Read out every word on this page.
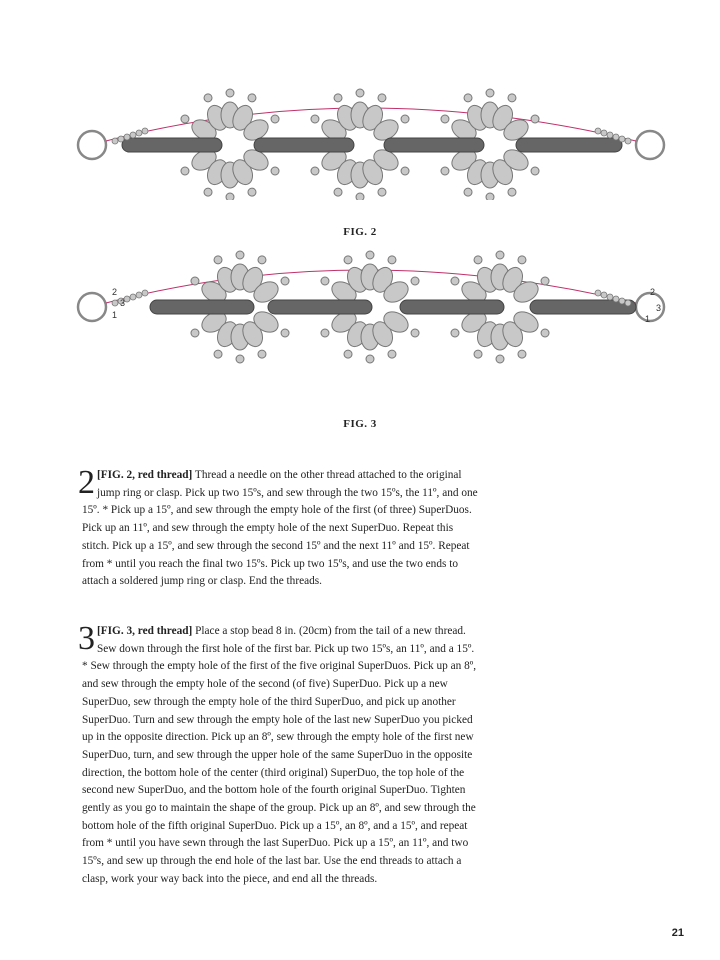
FIG. 2
2
3
1
2
3
1
FIG. 3
2 [FIG. 2, red thread] Thread a needle on the other thread attached to the original jump ring or clasp. Pick up two 15ºs, and sew through the two 15ºs, the 11º, and one 15º. * Pick up a 15º, and sew through the empty hole of the first (of three) SuperDuos. Pick up an 11º, and sew through the empty hole of the next SuperDuo. Repeat this stitch. Pick up a 15º, and sew through the second 15º and the next 11º and 15º. Repeat from * until you reach the final two 15ºs. Pick up two 15ºs, and use the two ends to attach a soldered jump ring or clasp. End the threads.
3 [FIG. 3, red thread] Place a stop bead 8 in. (20cm) from the tail of a new thread. Sew down through the first hole of the first bar. Pick up two 15ºs, an 11º, and a 15º. * Sew through the empty hole of the first of the five original SuperDuos. Pick up an 8º, and sew through the empty hole of the second (of five) SuperDuo. Pick up a new SuperDuo, sew through the empty hole of the third SuperDuo, and pick up another SuperDuo. Turn and sew through the empty hole of the last new SuperDuo you picked up in the opposite direction. Pick up an 8º, sew through the empty hole of the first new SuperDuo, turn, and sew through the upper hole of the same SuperDuo in the opposite direction, the bottom hole of the center (third original) SuperDuo, the top hole of the second new SuperDuo, and the bottom hole of the fourth original SuperDuo. Tighten gently as you go to maintain the shape of the group. Pick up an 8º, and sew through the bottom hole of the fifth original SuperDuo. Pick up a 15º, an 8º, and a 15º, and repeat from * until you have sewn through the last SuperDuo. Pick up a 15º, an 11º, and two 15ºs, and sew up through the end hole of the last bar. Use the end threads to attach a clasp, work your way back into the piece, and end all the threads.
21
